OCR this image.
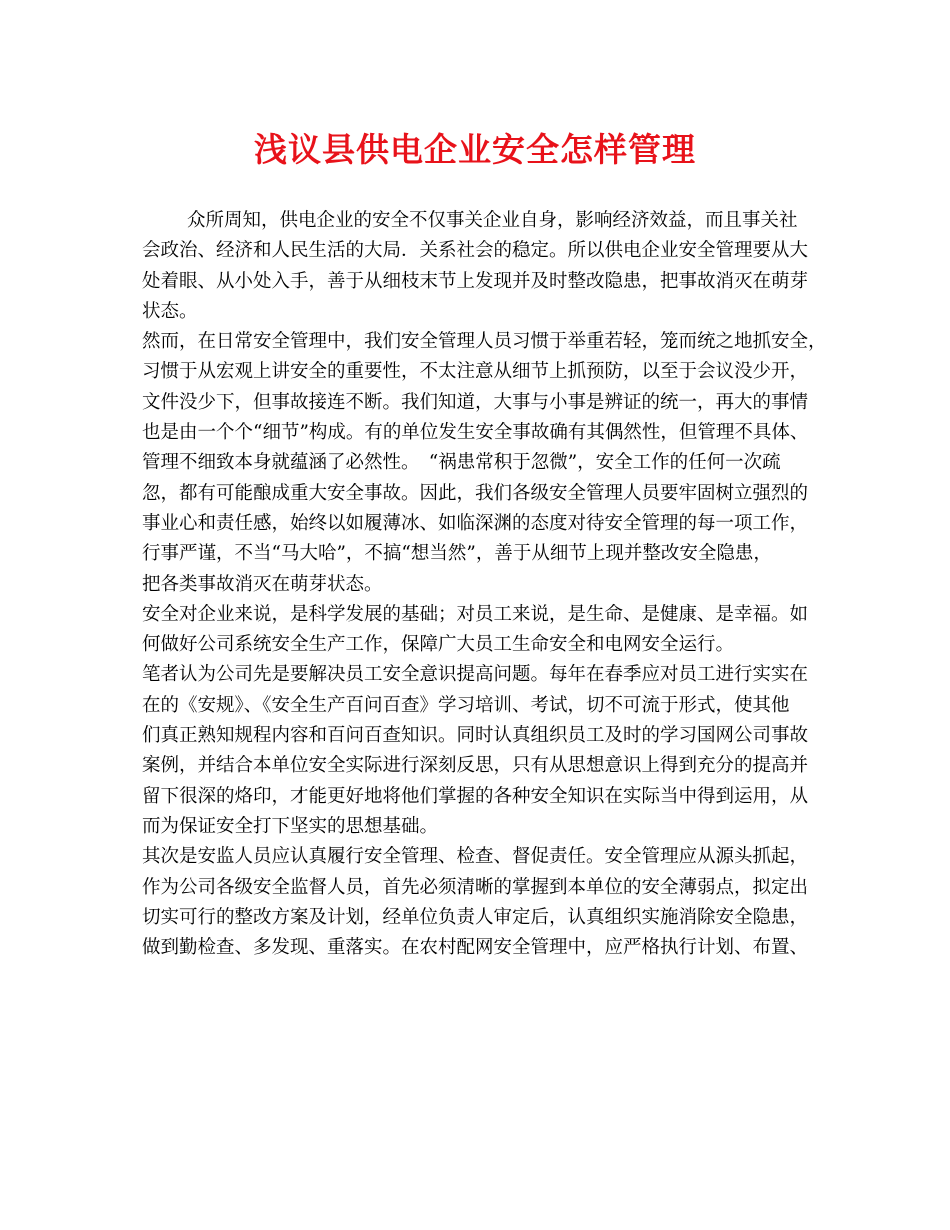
浅议县供电企业安全怎样管理
众所周知，供电企业的安全不仅事关企业自身，影响经济效益，而且事关社
会政治、经济和人民生活的大局．关系社会的稳定。所以供电企业安全管理要从大
处着眼、从小处入手，善于从细枝末节上发现并及时整改隐患，把事故消灭在萌芽
状态。
然而，在日常安全管理中，我们安全管理人员习惯于举重若轻，笼而统之地抓安全，
习惯于从宏观上讲安全的重要性，不太注意从细节上抓预防，以至于会议没少开，
文件没少下，但事故接连不断。我们知道，大事与小事是辨证的统一，再大的事情
也是由一个个“细节”构成。有的单位发生安全事故确有其偶然性，但管理不具体、
管理不细致本身就蕴涵了必然性。　“祸患常积于忽微”，安全工作的任何一次疏
忽，都有可能酿成重大安全事故。因此，我们各级安全管理人员要牢固树立强烈的
事业心和责任感，始终以如履薄冰、如临深渊的态度对待安全管理的每一项工作，
行事严谨，不当“马大哈”，不搞“想当然”，善于从细节上现并整改安全隐患，
把各类事故消灭在萌芽状态。
安全对企业来说，是科学发展的基础；对员工来说，是生命、是健康、是幸福。如
何做好公司系统安全生产工作，保障广大员工生命安全和电网安全运行。
笔者认为公司先是要解决员工安全意识提高问题。每年在春季应对员工进行实实在
在的《安规》、《安全生产百问百查》学习培训、考试，切不可流于形式，使其他
们真正熟知规程内容和百问百查知识。同时认真组织员工及时的学习国网公司事故
案例，并结合本单位安全实际进行深刻反思，只有从思想意识上得到充分的提高并
留下很深的烙印，才能更好地将他们掌握的各种安全知识在实际当中得到运用，从
而为保证安全打下坚实的思想基础。
其次是安监人员应认真履行安全管理、检查、督促责任。安全管理应从源头抓起，
作为公司各级安全监督人员，首先必须清晰的掌握到本单位的安全薄弱点，拟定出
切实可行的整改方案及计划，经单位负责人审定后，认真组织实施消除安全隐患，
做到勤检查、多发现、重落实。在农村配网安全管理中，应严格执行计划、布置、
